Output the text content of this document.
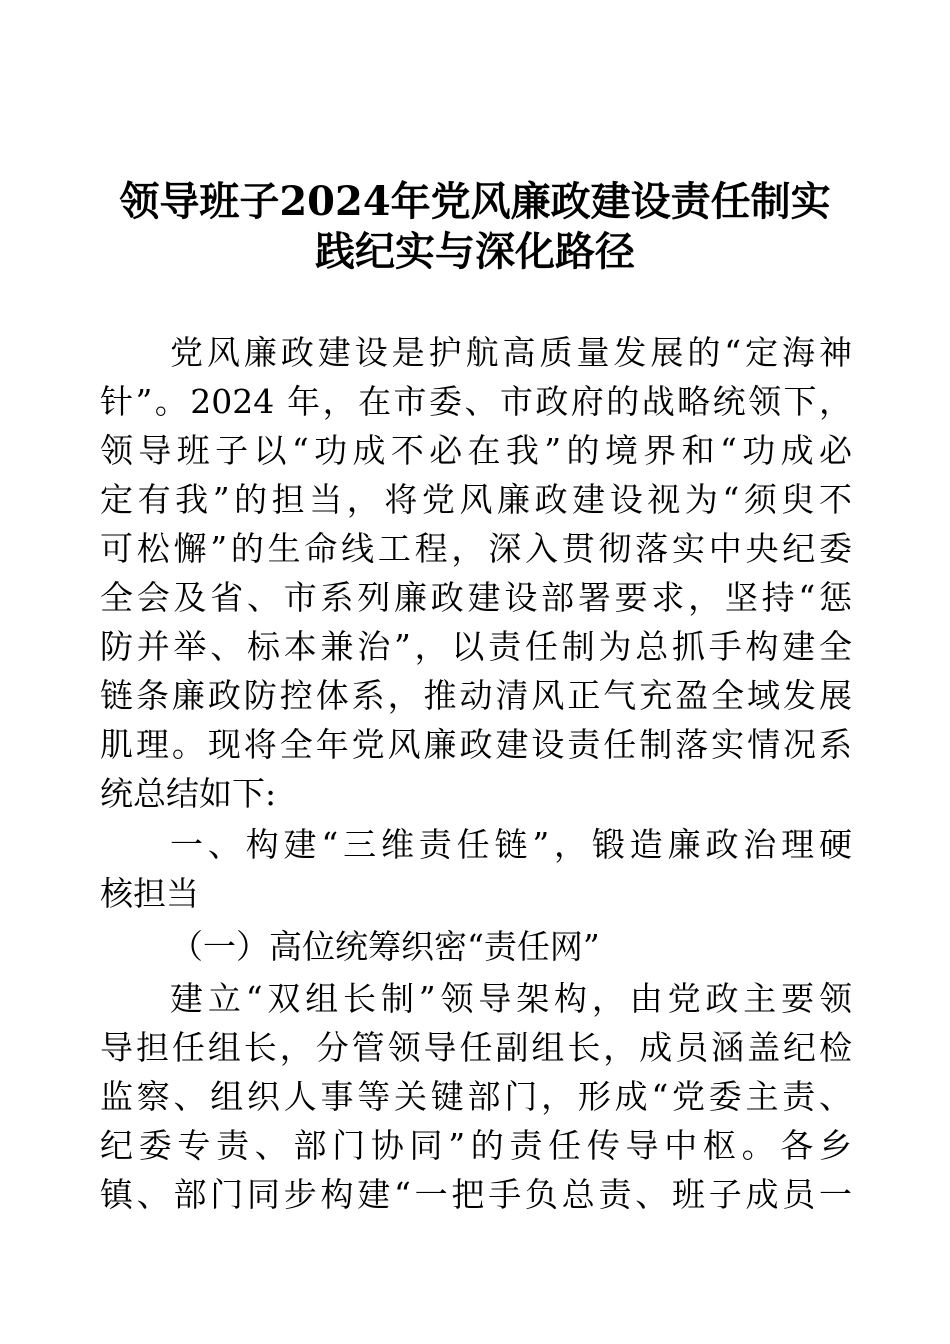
领导班子2024年党风廉政建设责任制实
践纪实与深化路径
党风廉政建设是护航高质量发展的“定海神
针”。2024 年，在市委、市政府的战略统领下，
领导班子以“功成不必在我”的境界和“功成必
定有我”的担当，将党风廉政建设视为“须臾不
可松懈”的生命线工程，深入贯彻落实中央纪委
全会及省、市系列廉政建设部署要求，坚持“惩
防并举、标本兼治”，以责任制为总抓手构建全
链条廉政防控体系，推动清风正气充盈全域发展
肌理。现将全年党风廉政建设责任制落实情况系
统总结如下:
一、构建“三维责任链”，锻造廉政治理硬
核担当
（一）高位统筹织密“责任网”
建立“双组长制”领导架构，由党政主要领
导担任组长，分管领导任副组长，成员涵盖纪检
监察、组织人事等关键部门，形成“党委主责、
纪委专责、部门协同”的责任传导中枢。各乡
镇、部门同步构建“一把手负总责、班子成员一
